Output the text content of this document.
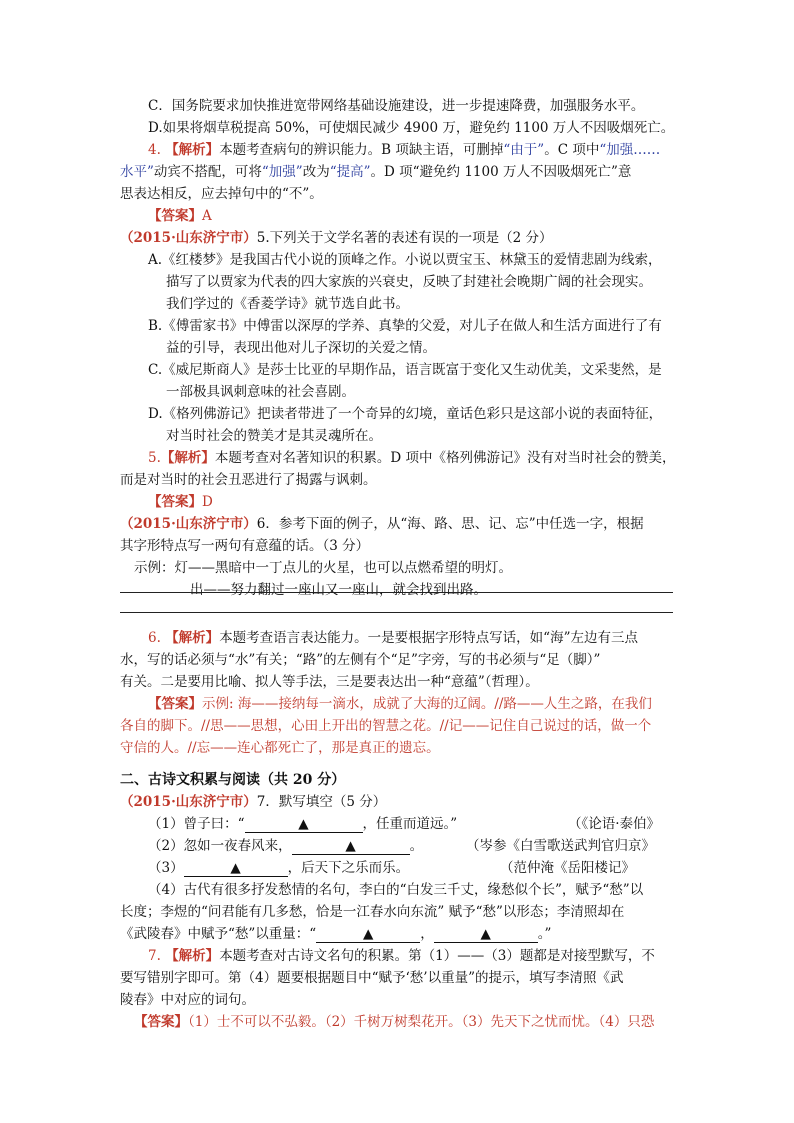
C．国务院要求加快推进宽带网络基础设施建设，进一步提速降费，加强服务水平。
D.如果将烟草税提高 50%，可使烟民减少 4900 万，避免约 1100 万人不因吸烟死亡。
4. 【解析】本题考查病句的辨识能力。B 项缺主语，可删掉“由于”。C 项中“加强……
水平”动宾不搭配，可将“加强”改为“提高”。D 项“避免约 1100 万人不因吸烟死亡”意
思表达相反，应去掉句中的“不”。
【答案】A
（2015·山东济宁市）5.下列关于文学名著的表述有误的一项是（2 分）
A.《红楼梦》是我国古代小说的顶峰之作。小说以贾宝玉、林黛玉的爱情悲剧为线索，
描写了以贾家为代表的四大家族的兴衰史，反映了封建社会晚期广阔的社会现实。
我们学过的《香菱学诗》就节选自此书。
B.《傅雷家书》中傅雷以深厚的学养、真挚的父爱，对儿子在做人和生活方面进行了有
益的引导，表现出他对儿子深切的关爱之情。
C.《威尼斯商人》是莎士比亚的早期作品，语言既富于变化又生动优美，文采斐然，是
一部极具讽刺意味的社会喜剧。
D.《格列佛游记》把读者带进了一个奇异的幻境，童话色彩只是这部小说的表面特征，
对当时社会的赞美才是其灵魂所在。
5.【解析】本题考查对名著知识的积累。D 项中《格列佛游记》没有对当时社会的赞美，
而是对当时的社会丑恶进行了揭露与讽刺。
【答案】D
（2015·山东济宁市）6．参考下面的例子，从“海、路、思、记、忘”中任选一字，根据
其字形特点写一两句有意蕴的话。（3 分）
示例：灯——黑暗中一丁点儿的火星，也可以点燃希望的明灯。
出——努力翻过一座山又一座山，就会找到出路。
6. 【解析】本题考查语言表达能力。一是要根据字形特点写话，如“海”左边有三点
水，写的话必须与“水”有关；“路”的左侧有个“足”字旁，写的书必须与“足（脚）”
有关。二是要用比喻、拟人等手法，三是要表达出一种“意蕴”（哲理）。
【答案】示例: 海——接纳每一滴水，成就了大海的辽阔。//路——人生之路，在我们
各自的脚下。//思——思想，心田上开出的智慧之花。//记——记住自己说过的话，做一个
守信的人。//忘——连心都死亡了，那是真正的遗忘。
二、古诗文积累与阅读（共 20 分）
（2015·山东济宁市）7．默写填空（5 分）
（1）曾子曰：“	▲	，任重而道远。”	（《论语·泰伯》
（2）忽如一夜春风来，	▲	。	（岑参《白雪歌送武判官归京》
（3）	▲	，后天下之乐而乐。	（范仲淹《岳阳楼记》
（4）古代有很多抒发愁情的名句，李白的“白发三千丈，缘愁似个长”，赋予“愁”以
长度；李煜的“问君能有几多愁，恰是一江春水向东流” 赋予“愁”以形态；李清照却在
《武陵春》中赋予“愁”以重量：“	▲	，	▲	。”
7. 【解析】本题考查对古诗文名句的积累。第（1）——（3）题都是对接型默写，不
要写错别字即可。第（4）题要根据题目中“赋予‘愁’以重量”的提示，填写李清照《武
陵春》中对应的词句。
【答案】（1）士不可以不弘毅。（2）千树万树梨花开。（3）先天下之忧而忧。（4）只恐
